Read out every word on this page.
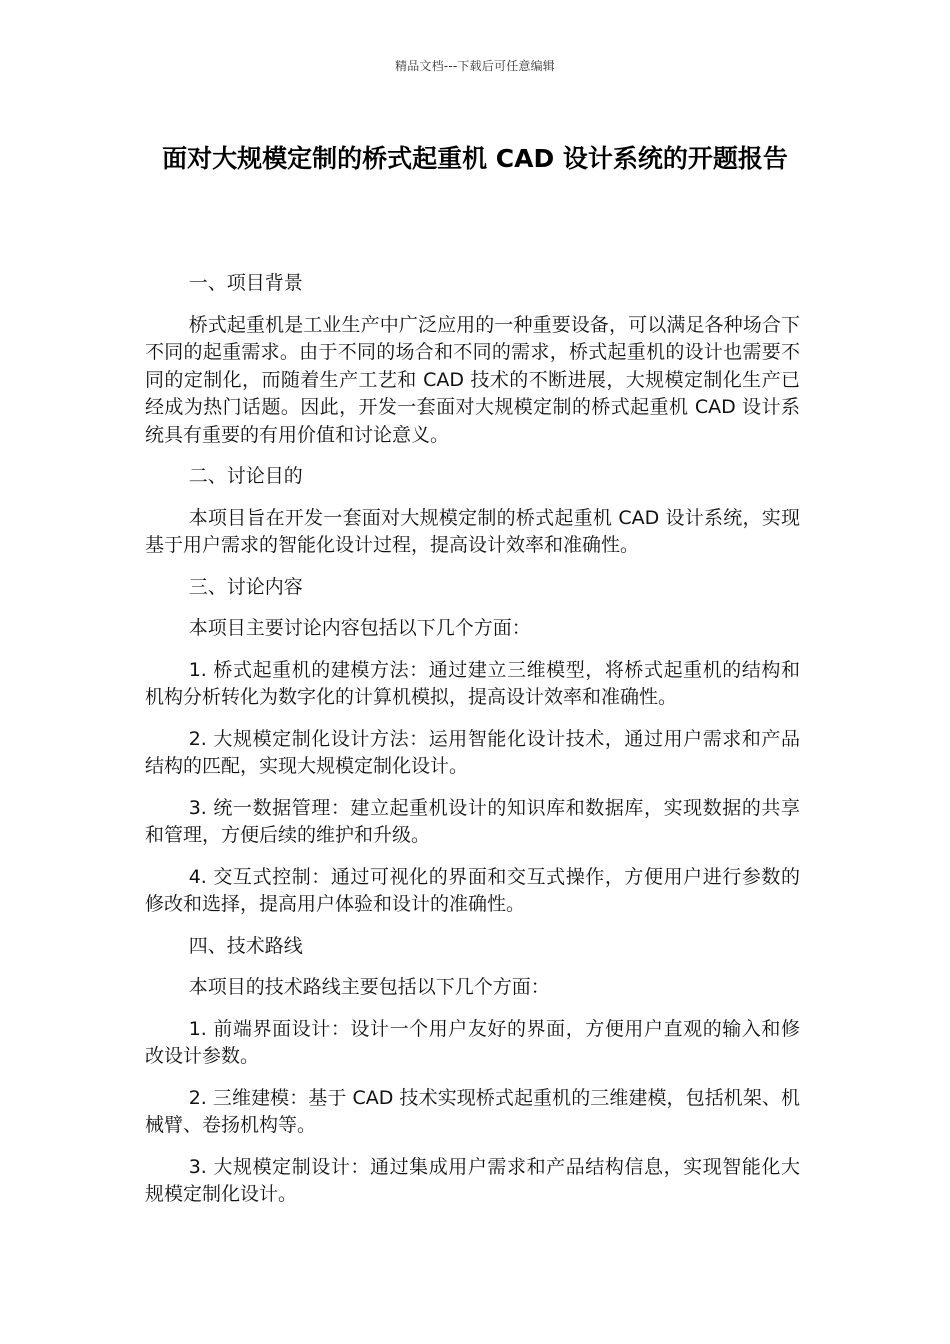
精品文档---下载后可任意编辑
面对大规模定制的桥式起重机 CAD 设计系统的开题报告

一、项目背景

桥式起重机是工业生产中广泛应用的一种重要设备，可以满足各种场合下不同的起重需求。由于不同的场合和不同的需求，桥式起重机的设计也需要不同的定制化，而随着生产工艺和 CAD 技术的不断进展，大规模定制化生产已经成为热门话题。因此，开发一套面对大规模定制的桥式起重机 CAD 设计系统具有重要的有用价值和讨论意义。

二、讨论目的

本项目旨在开发一套面对大规模定制的桥式起重机 CAD 设计系统，实现基于用户需求的智能化设计过程，提高设计效率和准确性。

三、讨论内容

本项目主要讨论内容包括以下几个方面：

1. 桥式起重机的建模方法：通过建立三维模型，将桥式起重机的结构和机构分析转化为数字化的计算机模拟，提高设计效率和准确性。

2. 大规模定制化设计方法：运用智能化设计技术，通过用户需求和产品结构的匹配，实现大规模定制化设计。

3. 统一数据管理：建立起重机设计的知识库和数据库，实现数据的共享和管理，方便后续的维护和升级。

4. 交互式控制：通过可视化的界面和交互式操作，方便用户进行参数的修改和选择，提高用户体验和设计的准确性。

四、技术路线

本项目的技术路线主要包括以下几个方面：

1. 前端界面设计：设计一个用户友好的界面，方便用户直观的输入和修改设计参数。

2. 三维建模：基于 CAD 技术实现桥式起重机的三维建模，包括机架、机械臂、卷扬机构等。

3. 大规模定制设计：通过集成用户需求和产品结构信息，实现智能化大规模定制化设计。
